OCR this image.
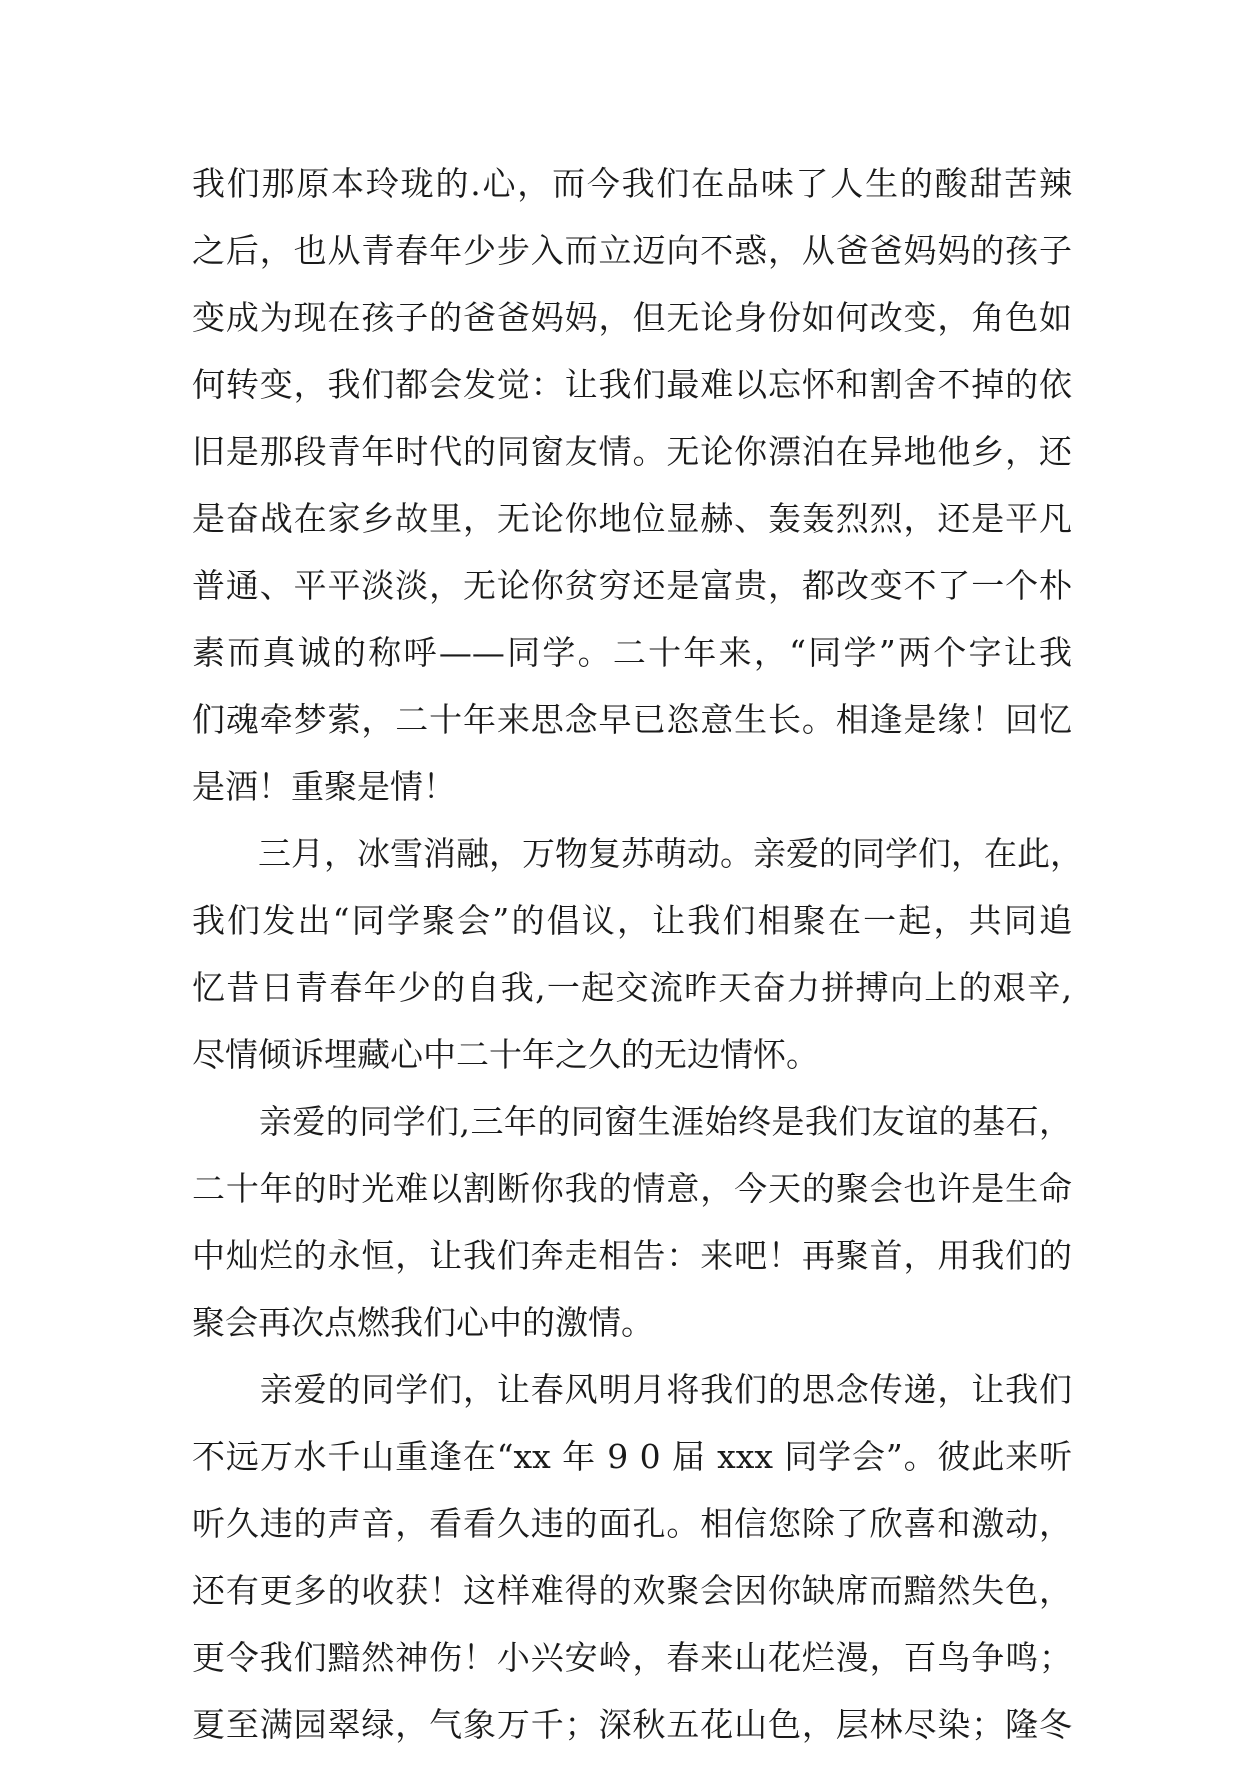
我们那原本玲珑的.心，而今我们在品味了人生的酸甜苦辣
之后，也从青春年少步入而立迈向不惑，从爸爸妈妈的孩子
变成为现在孩子的爸爸妈妈，但无论身份如何改变，角色如
何转变，我们都会发觉：让我们最难以忘怀和割舍不掉的依
旧是那段青年时代的同窗友情。无论你漂泊在异地他乡，还
是奋战在家乡故里，无论你地位显赫、轰轰烈烈，还是平凡
普通、平平淡淡，无论你贫穷还是富贵，都改变不了一个朴
素而真诚的称呼——同学。二十年来，“同学”两个字让我
们魂牵梦萦，二十年来思念早已恣意生长。相逢是缘！回忆
是酒！重聚是情！
　　三月，冰雪消融，万物复苏萌动。亲爱的同学们，在此，
我们发出“同学聚会”的倡议，让我们相聚在一起，共同追
忆昔日青春年少的自我,一起交流昨天奋力拼搏向上的艰辛,
尽情倾诉埋藏心中二十年之久的无边情怀。
　　亲爱的同学们,三年的同窗生涯始终是我们友谊的基石，
二十年的时光难以割断你我的情意，今天的聚会也许是生命
中灿烂的永恒，让我们奔走相告：来吧！再聚首，用我们的
聚会再次点燃我们心中的激情。
　　亲爱的同学们，让春风明月将我们的思念传递，让我们
不远万水千山重逢在“xx 年 9 0 届 xxx 同学会”。彼此来听
听久违的声音，看看久违的面孔。相信您除了欣喜和激动，
还有更多的收获！这样难得的欢聚会因你缺席而黯然失色，
更令我们黯然神伤！小兴安岭，春来山花烂漫，百鸟争鸣；
夏至满园翠绿，气象万千；深秋五花山色，层林尽染；隆冬
